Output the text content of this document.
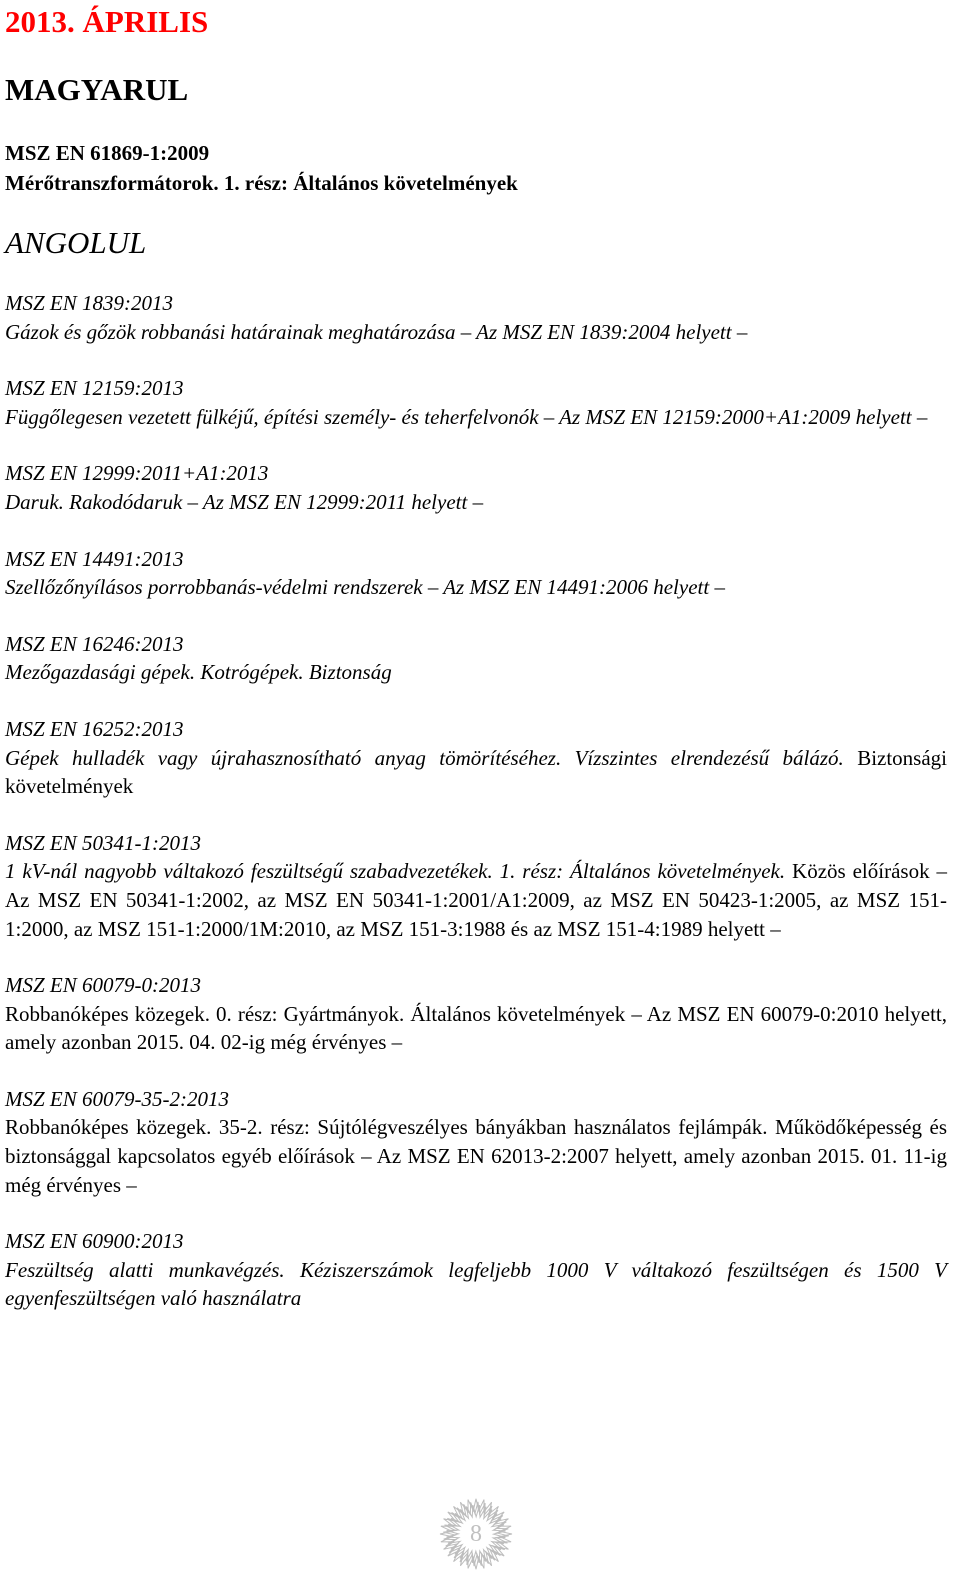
2013. ÁPRILIS
MAGYARUL
MSZ EN 61869-1:2009
Mérőtranszformátorok. 1. rész: Általános követelmények
ANGOLUL
MSZ EN 1839:2013
Gázok és gőzök robbanási határainak meghatározása – Az MSZ EN 1839:2004 helyett –
MSZ EN 12159:2013
Függőlegesen vezetett fülkéjű, építési személy- és teherfelvonók – Az MSZ EN 12159:2000+A1:2009 helyett –
MSZ EN 12999:2011+A1:2013
Daruk. Rakodódaruk – Az MSZ EN 12999:2011 helyett –
MSZ EN 14491:2013
Szellőzőnyílásos porrobbanás-védelmi rendszerek – Az MSZ EN 14491:2006 helyett –
MSZ EN 16246:2013
Mezőgazdasági gépek. Kotrógépek. Biztonság
MSZ EN 16252:2013
Gépek hulladék vagy újrahasznosítható anyag tömörítéséhez. Vízszintes elrendezésű bálázó. Biztonsági követelmények
MSZ EN 50341-1:2013
1 kV-nál nagyobb váltakozó feszültségű szabadvezetékek. 1. rész: Általános követelmények. Közös előírások – Az MSZ EN 50341-1:2002, az MSZ EN 50341-1:2001/A1:2009, az MSZ EN 50423-1:2005, az MSZ 151-1:2000, az MSZ 151-1:2000/1M:2010, az MSZ 151-3:1988 és az MSZ 151-4:1989 helyett –
MSZ EN 60079-0:2013
Robbanóképes közegek. 0. rész: Gyártmányok. Általános követelmények – Az MSZ EN 60079-0:2010 helyett, amely azonban 2015. 04. 02-ig még érvényes –
MSZ EN 60079-35-2:2013
Robbanóképes közegek. 35-2. rész: Sújtólégveszélyes bányákban használatos fejlámpák. Működőképesség és biztonsággal kapcsolatos egyéb előírások – Az MSZ EN 62013-2:2007 helyett, amely azonban 2015. 01. 11-ig még érvényes –
MSZ EN 60900:2013
Feszültség alatti munkavégzés. Kéziszerszámok legfeljebb 1000 V váltakozó feszültségen és 1500 V egyenfeszültségen való használatra
8
